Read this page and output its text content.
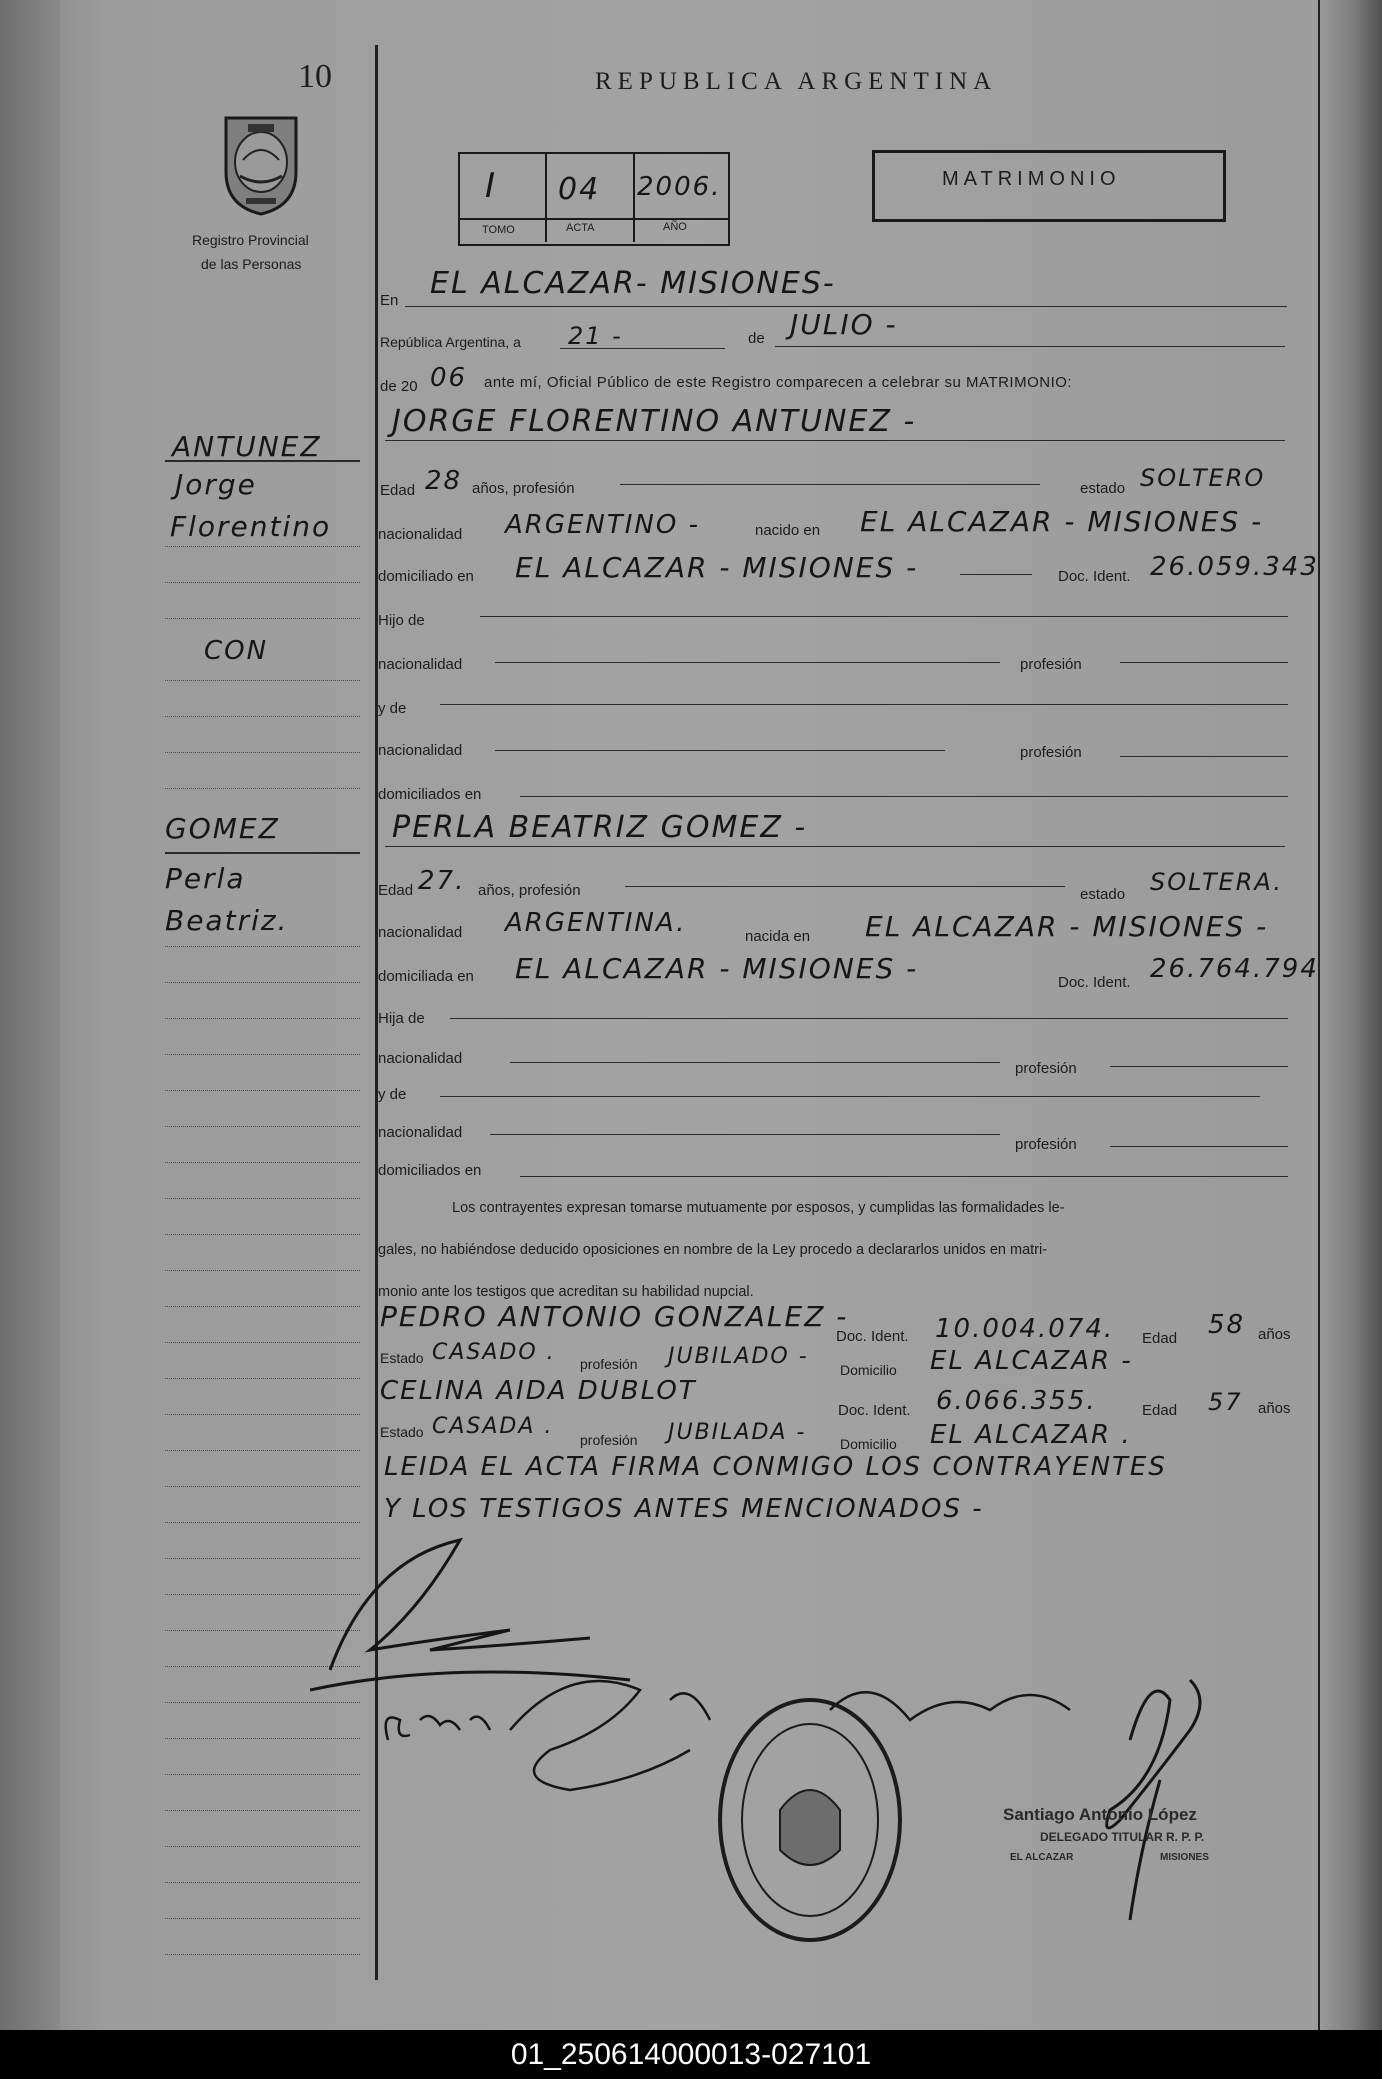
10	REPUBLICA ARGENTINA
Registro Provincial
de las Personas
I 04 2006.
TOMO	ACTA	AÑO
MATRIMONIO
En EL ALCAZAR- MISIONES-
República Argentina, a 21 -	de JULIO -
de 20 06 ante mí, Oficial Público de este Registro comparecen a celebrar su MATRIMONIO:
JORGE FLORENTINO ANTUNEZ -
ANTUNEZ
Jorge
Florentino
CON
Edad 28 años, profesión	estado SOLTERO
nacionalidad ARGENTINO -	nacido en EL ALCAZAR - MISIONES -
domiciliado en EL ALCAZAR - MISIONES -	Doc. Ident. 26.059.343
Hijo de
nacionalidad	profesión
y de
nacionalidad	profesión
domiciliados en
PERLA BEATRIZ GOMEZ -
GOMEZ
Perla
Beatriz.
Edad 27. años, profesión	estado SOLTERA.
nacionalidad ARGENTINA.	nacida en EL ALCAZAR - MISIONES -
domiciliada en EL ALCAZAR - MISIONES -	Doc. Ident. 26.764.794
Hija de
nacionalidad
profesión
y de
nacionalidad
profesión
domiciliados en
Los contrayentes expresan tomarse mutuamente por esposos, y cumplidas las formalidades le-
gales, no habiéndose deducido oposiciones en nombre de la Ley procedo a declararlos unidos en matri-
monio ante los testigos que acreditan su habilidad nupcial.
PEDRO ANTONIO GONZALEZ -
Doc. Ident. 10.004.074. Edad 58 años
Estado CASADO . profesión JUBILADO -
Domicilio EL ALCAZAR -
CELINA AIDA DUBLOT
Doc. Ident. 6.066.355.	Edad 57 años
Estado CASADA .
profesión JUBILADA - Domicilio EL ALCAZAR .
LEIDA EL ACTA FIRMA CONMIGO LOS CONTRAYENTES
Y LOS TESTIGOS ANTES MENCIONADOS -
Santiago Antonio López
DELEGADO TITULAR R. P. P.
EL ALCAZAR	MISIONES
01_250614000013-027101
